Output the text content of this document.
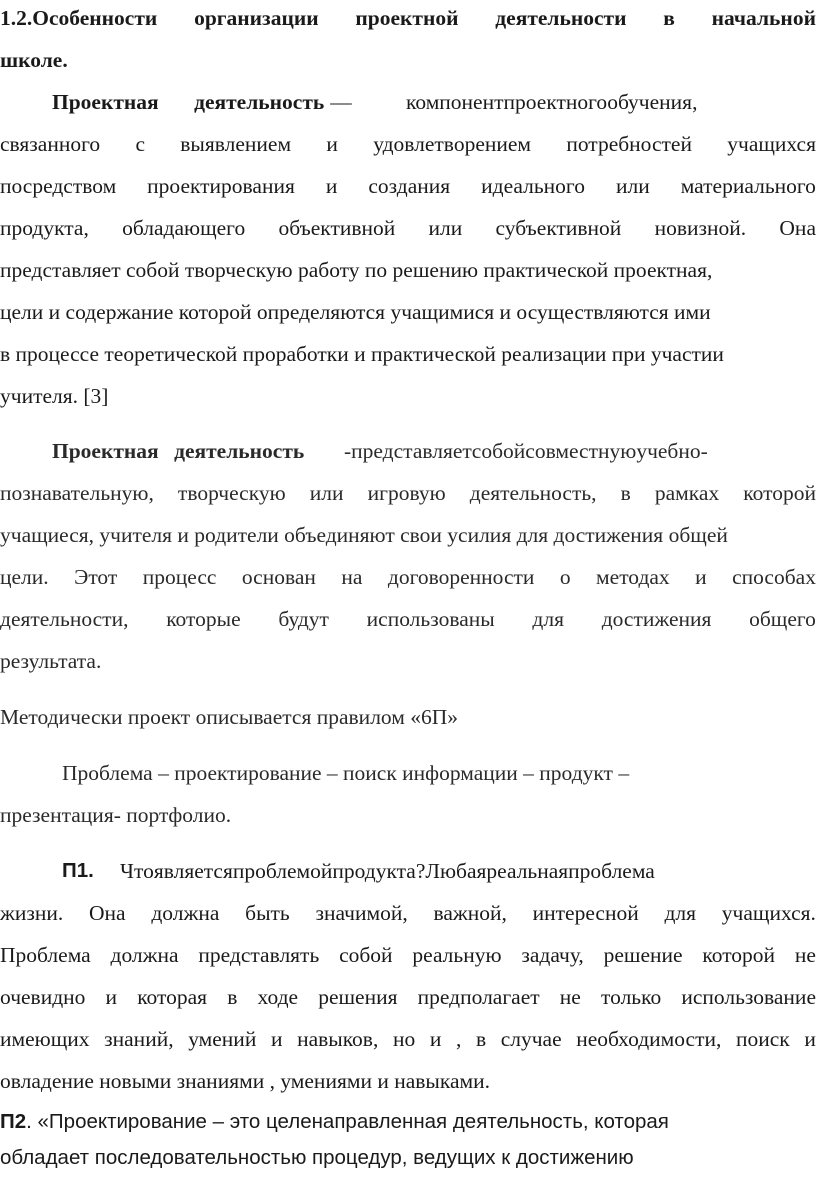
1.2.Особенности организации проектной деятельности в начальной
школе.
Проектная деятельность —	компонентпроектногообучения,
связанного с выявлением и удовлетворением потребностей учащихся
посредством проектирования и создания идеального или материального
продукта, обладающего объективной или субъективной новизной. Она
представляет собой творческую работу по решению практической проектная,
цели и содержание которой определяются учащимися и осуществляются ими
в процессе теоретической проработки и практической реализации при участии
учителя. [3]
Проектная деятельность -представляетсобойсовместнуюучебно-
познавательную, творческую или игровую деятельность, в рамках которой
учащиеся, учителя и родители объединяют свои усилия для достижения общей
цели. Этот процесс основан на договоренности о методах и способах
деятельности, которые будут использованы для достижения общего
результата.
Методически проект описывается правилом «6П»
Проблема – проектирование – поиск информации – продукт –
презентация- портфолио.
П1. Чтоявляетсяпроблемойпродукта?Любаяреальнаяпроблема
жизни. Она должна быть значимой, важной, интересной для учащихся.
Проблема должна представлять собой реальную задачу, решение которой не
очевидно и которая в ходе решения предполагает не только использование
имеющих знаний, умений и навыков, но и , в случае необходимости, поиск и
овладение новыми знаниями , умениями и навыками.
П2. «Проектирование – это целенаправленная деятельность, которая
обладает последовательностью процедур, ведущих к достижению
